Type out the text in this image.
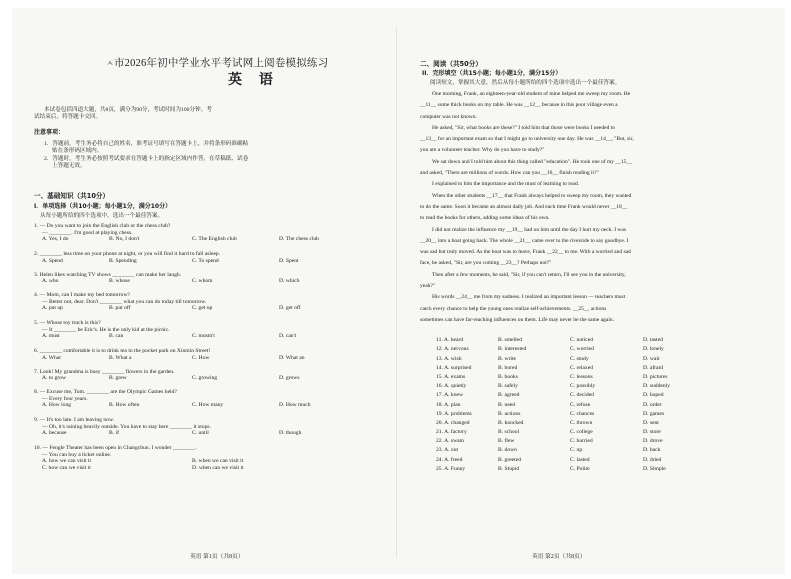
ㅅ市2026年初中学业水平考试网上阅卷模拟练习
英 语
本试卷包括四道大题，共8页，满分为90分，考试时间为100分钟。考
试结束后，将答题卡交回。
注意事项：
1．答题前，考生务必将自己的姓名，准考证号填写在答题卡上，并将条形码准确粘
贴在条形码区域内。
2．答题时，考生务必按照考试要求在答题卡上的指定区域内作答，在草稿纸、试卷
上答题无效。
一、基础知识（共10分）
I．单项选择（共10小题；每小题1分，满分10分）
从每小题所给的四个选项中，选出一个最佳答案。
1. — Do you want to join the English club or the chess club?
— ________. I'm good at playing chess.
A. Yes, I do	B. No, I don't	C. The English club	D. The chess club
2. ________ less time on your phone at night, or you will find it hard to fall asleep.
A. Spend	B. Spending	C. To spend	D. Spent
3. Helen likes watching TV shows ________ can make her laugh.
A. who	B. whose	C. whom	D. which
4. — Mom, can I make my bed tomorrow?
— Better not, dear. Don't ________ what you can do today till tomorrow.
A. put up	B. put off	C. get up	D. get off
5. — Whose toy truck is this?
— It ________ be Eric's. He is the only kid at the picnic.
A. must	B. can	C. mustn't	D. can't
6. ________ comfortable it is to drink tea in the pocket park on Xinmin Street!
A. What	B. What a	C. How	D. What an
7. Look! My grandma is busy ________ flowers in the garden.
A. to grow	B. grew	C. growing	D. grows
8. — Excuse me, Tom. ________ are the Olympic Games held?
— Every four years.
A. How long	B. How often	C. How many	D. How much
9. — It's too late. I am leaving now.
— Oh, it's raining heavily outside. You have to stay here ________ it stops.
A. because	B. if	C. until	D. though
10. — Fengle Theater has been open in Changchun. I wonder ________.
— You can buy a ticket online.
A. how we can visit it	B. when we can visit it
C. how can we visit it	D. when can we visit it
英语 第1页（共8页）
二、阅读（共50分）
II．完形填空（共15小题；每小题1分，满分15分）
阅读短文，掌握其大意，然后从每小题所给的四个选项中选出一个最佳答案。
One morning, Frank, an eighteen-year-old student of mine helped me sweep my room. He
__11__ some thick books on my table. He was __12__ because in this poor village even a
computer was not known.
He asked, "Sir, what books are these?" I told him that those were books I needed to
__13__ for an important exam so that I might go to university one day. He was __14__, "But, sir,
you are a volunteer teacher. Why do you have to study?"
We sat down and I told him about this thing called "education". He took one of my __15__
and asked, "There are millions of words. How can you __16__ finish reading it?"
I explained to him the importance and the must of learning to read.
When the other students __17__ that Frank always helped to sweep my room, they wanted
to do the same. Soon it became an almost daily job. And each time Frank would never __18__
to read the books for others, adding some ideas of his own.
I did not realize the influence my __19__ had on him until the day I hurt my neck. I was
__20__ into a boat going back. The whole __21__ came over to the riverside to say goodbye. I
was sad but truly moved. As the boat was to leave, Frank __22__ to me. With a worried and sad
face, he asked, "Sir, are you coming __23__? Perhaps not?"
Then after a few moments, he said, "Sir, if you can't return, I'll see you in the university,
yeah?"
His words __24__ me from my sadness. I realized an important lesson — teachers must
catch every chance to help the young ones realize self-achievements. __25__ actions
sometimes can have far-reaching influences on them. Life may never be the same again.
11. A. heard	B. smelled	C. noticed	D. tasted
12. A. nervous	B. interested	C. worried	D. lonely
13. A. wish	B. write	C. study	D. wait
14. A. surprised	B. bored	C. relaxed	D. afraid
15. A. exams	B. books	C. lessons	D. pictures
16. A. quietly	B. safely	C. possibly	D. suddenly
17. A. knew	B. agreed	C. decided	D. hoped
18. A. plan	B. need	C. refuse	D. order
19. A. problems	B. actions	C. chances	D. games
20. A. changed	B. knocked	C. thrown	D. sent
21. A. factory	B. school	C. college	D. store
22. A. swam	B. flew	C. hurried	D. drove
23. A. out	B. down	C. up	D. back
24. A. freed	B. greeted	C. lasted	D. dried
25. A. Funny	B. Stupid	C. Polite	D. Simple
英语 第2页（共8页）
